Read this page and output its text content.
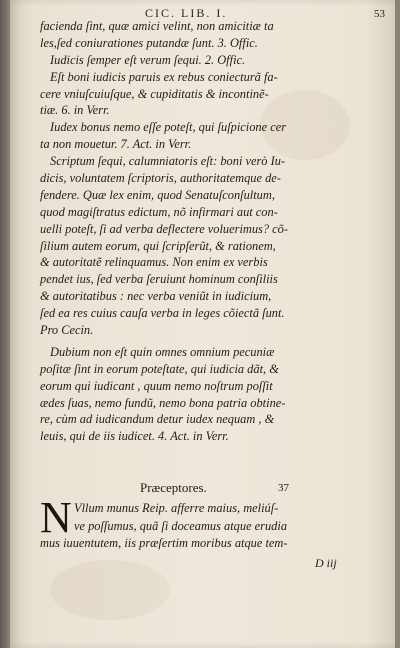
CIC. LIB. I.	53
facienda ſint, quæ amici velint, non amicitiæ ta
les,ſed coniurationes putandæ ſunt. 3. Offic.
Iudicis ſemper eſt verum ſequi. 2. Offic.
Eſt boni iudicis paruis ex rebus coniecturã fa-
cere vniuſcuiuſque, & cupiditatis & incontinẽ-
tiæ. 6. in Verr.
Iudex bonus nemo eſſe poteſt, qui ſuſpicione cer
ta non mouetur. 7. Act. in Verr.
Scriptum ſequi, calumniatoris eſt: boni verò Iu-
dicis, voluntatem ſcriptoris, authoritatemque de-
fendere. Quæ lex enim, quod Senatuſconſultum,
quod magiſtratus edictum, nõ infirmari aut con-
uelli poteſt, ſi ad verba deflectere voluerimus? cõ-
ſilium autem eorum, qui ſcripſerũt, & rationem,
& autoritatẽ relinquamus. Non enim ex verbis
pendet ius, ſed verba ſeruiunt hominum conſiliis
& autoritatibus : nec verba veniũt in iudicium,
ſed ea res cuius cauſa verba in leges cõiectã ſunt.
Pro Cecin.
Dubium non eſt quin omnes omnium pecuniæ
poſitæ ſint in eorum poteſtate, qui iudicia dãt, &
eorum qui iudicant , quum nemo noſtrum poſſit
ædes ſuas, nemo fundũ, nemo bona patria obtine-
re, cùm ad iudicandum detur iudex nequam , &
leuis, qui de iis iudicet. 4. Act. in Verr.
Præceptores.	37
N Vllum munus Reip. afferre maius, meliúſ-
ve poſſumus, quã ſi doceamus atque erudia
mus iuuentutem, iis præſertim moribus atque tem-
D iij
